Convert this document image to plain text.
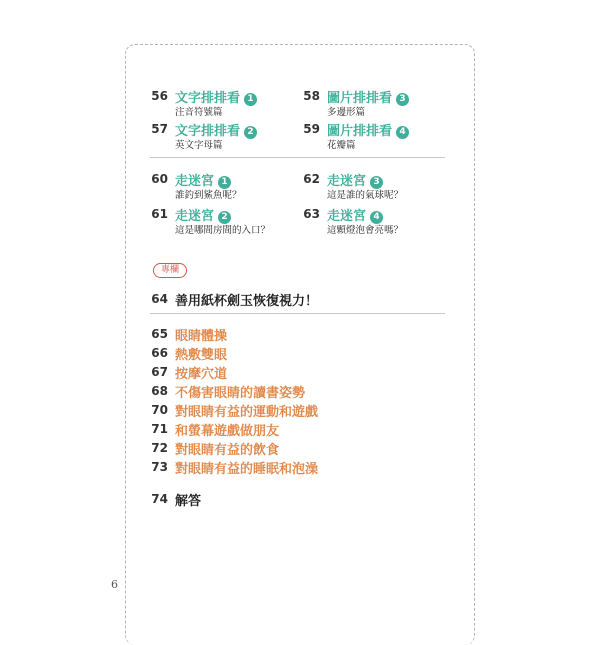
56 文字排排看 1
注音符號篇
58 圖片排排看 3
多邊形篇
57 文字排排看 2
英文字母篇
59 圖片排排看 4
花瓣篇
60 走迷宮 1
誰釣到鯊魚呢？
62 走迷宮 3
這是誰的氣球呢？
61 走迷宮 2
這是哪間房間的入口？
63 走迷宮 4
這顆燈泡會亮嗎？
專欄
64 善用紙杯劍玉恢復視力！
65 眼睛體操
66 熱敷雙眼
67 按摩穴道
68 不傷害眼睛的讀書姿勢
70 對眼睛有益的運動和遊戲
71 和螢幕遊戲做朋友
72 對眼睛有益的飲食
73 對眼睛有益的睡眠和泡澡
74 解答
6
